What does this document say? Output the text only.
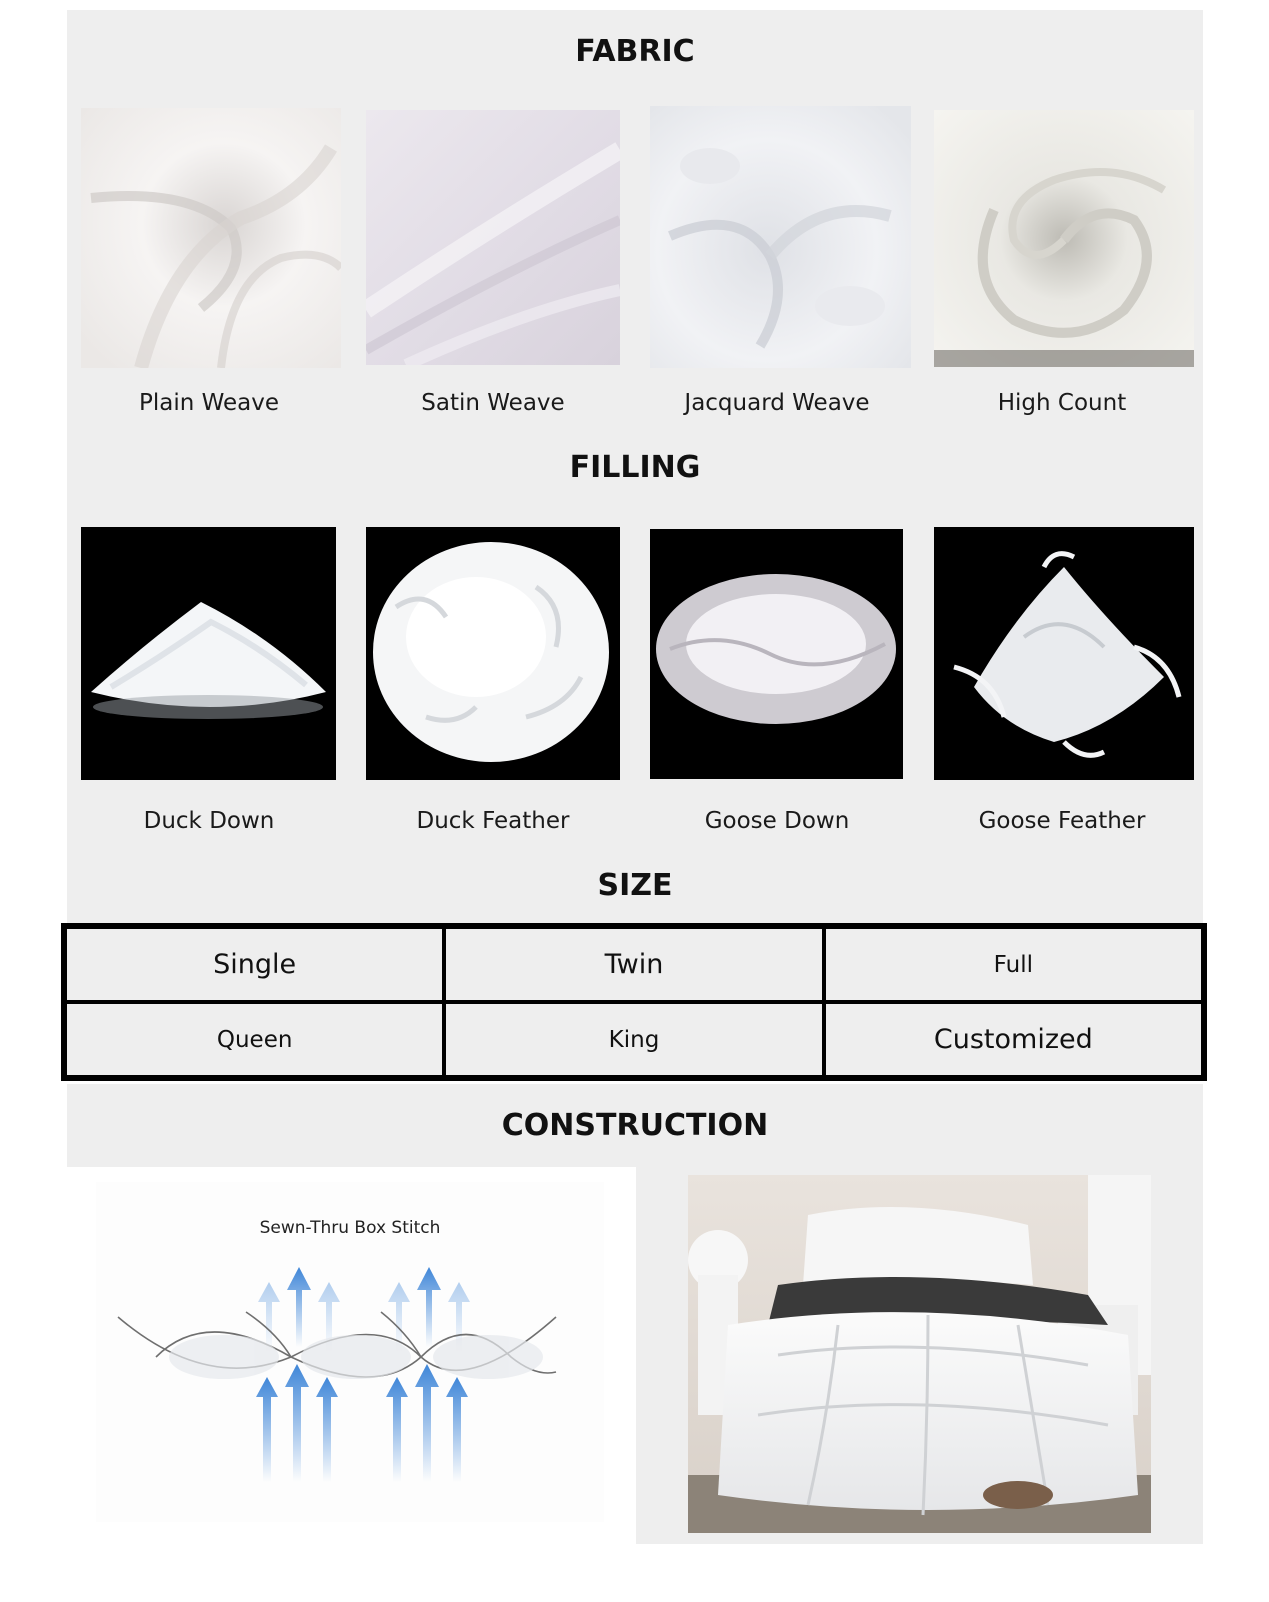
FABRIC
Plain Weave	Satin Weave	Jacquard Weave	High Count
FILLING
Duck Down	Duck Feather	Goose Down	Goose Feather
SIZE
Single	Twin	Full
Queen	King	Customized
CONSTRUCTION
Sewn-Thru Box Stitch
